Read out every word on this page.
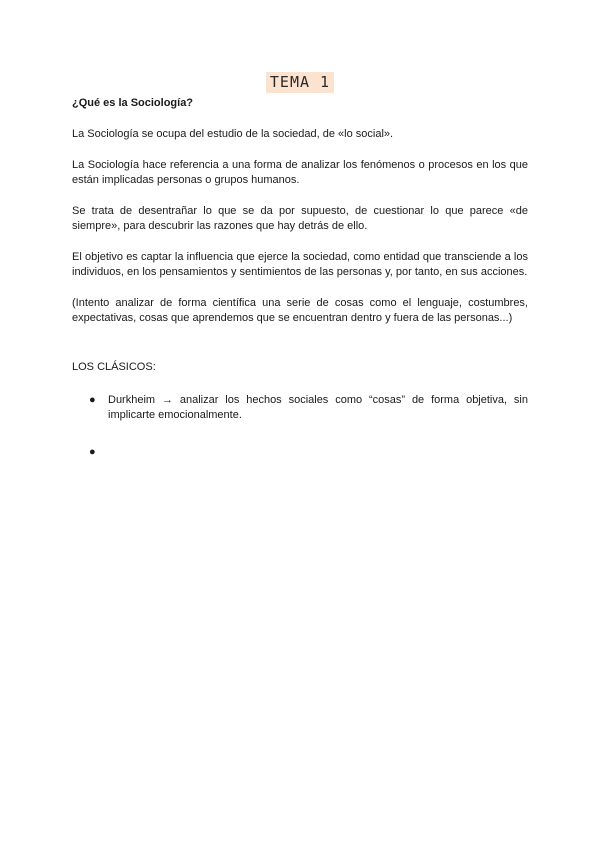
TEMA 1
¿Qué es la Sociología?

La Sociología se ocupa del estudio de la sociedad, de «lo social».

La Sociología hace referencia a una forma de analizar los fenómenos o procesos en los que están implicadas personas o grupos humanos.

Se trata de desentrañar lo que se da por supuesto, de cuestionar lo que parece «de siempre», para descubrir las razones que hay detrás de ello.

El objetivo es captar la influencia que ejerce la sociedad, como entidad que transciende a los individuos, en los pensamientos y sentimientos de las personas y, por tanto, en sus acciones.

(Intento analizar de forma científica una serie de cosas como el lenguaje, costumbres, expectativas, cosas que aprendemos que se encuentran dentro y fuera de las personas...)

LOS CLÁSICOS:
● Durkheim → analizar los hechos sociales como “cosas” de forma objetiva, sin implicarte emocionalmente.
●
